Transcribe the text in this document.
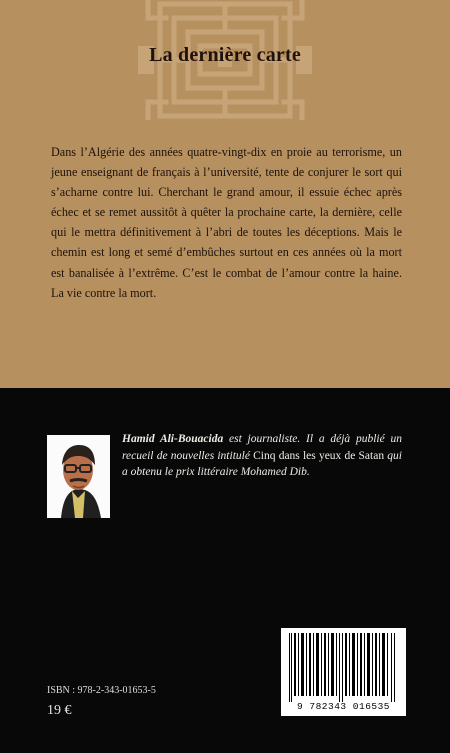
La dernière carte

Dans l’Algérie des années quatre-vingt-dix en proie au terrorisme, un jeune enseignant de français à l’université, tente de conjurer le sort qui s’acharne contre lui. Cherchant le grand amour, il essuie échec après échec et se remet aussitôt à quêter la prochaine carte, la dernière, celle qui le mettra définitivement à l’abri de toutes les déceptions. Mais le chemin est long et semé d’embûches surtout en ces années où la mort est banalisée à l’extrême. C’est le combat de l’amour contre la haine. La vie contre la mort.

Hamid Ali-Bouacida est journaliste. Il a déjà publié un recueil de nouvelles intitulé Cinq dans les yeux de Satan qui a obtenu le prix littéraire Mohamed Dib.

9 782343 016535
ISBN : 978-2-343-01653-5
19 €
